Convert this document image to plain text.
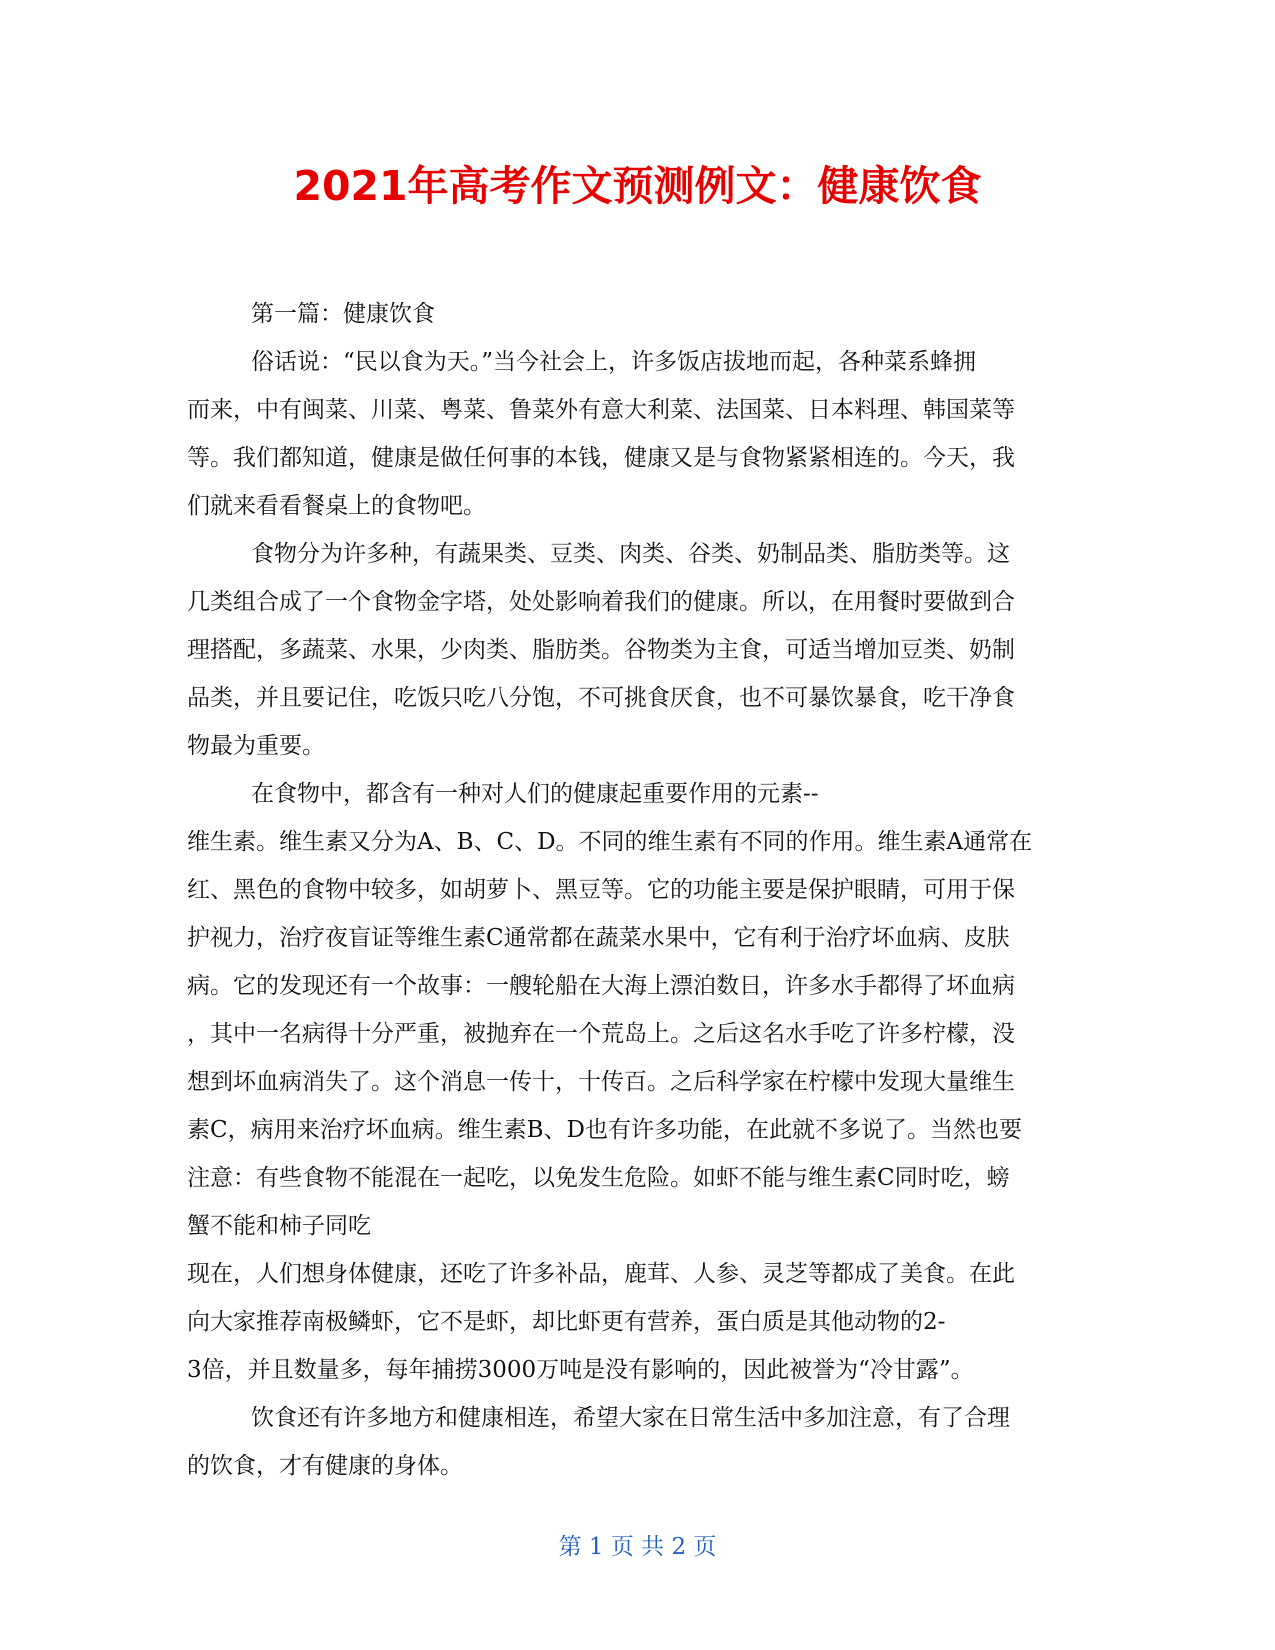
2021年高考作文预测例文：健康饮食
第一篇：健康饮食
俗话说：“民以食为天。”当今社会上，许多饭店拔地而起，各种菜系蜂拥
而来，中有闽菜、川菜、粤菜、鲁菜外有意大利菜、法国菜、日本料理、韩国菜等
等。我们都知道，健康是做任何事的本钱，健康又是与食物紧紧相连的。今天，我
们就来看看餐桌上的食物吧。
食物分为许多种，有蔬果类、豆类、肉类、谷类、奶制品类、脂肪类等。这
几类组合成了一个食物金字塔，处处影响着我们的健康。所以，在用餐时要做到合
理搭配，多蔬菜、水果，少肉类、脂肪类。谷物类为主食，可适当增加豆类、奶制
品类，并且要记住，吃饭只吃八分饱，不可挑食厌食，也不可暴饮暴食，吃干净食
物最为重要。
在食物中，都含有一种对人们的健康起重要作用的元素--
维生素。维生素又分为A、B、C、D。不同的维生素有不同的作用。维生素A通常在
红、黑色的食物中较多，如胡萝卜、黑豆等。它的功能主要是保护眼睛，可用于保
护视力，治疗夜盲证等维生素C通常都在蔬菜水果中，它有利于治疗坏血病、皮肤
病。它的发现还有一个故事：一艘轮船在大海上漂泊数日，许多水手都得了坏血病
，其中一名病得十分严重，被抛弃在一个荒岛上。之后这名水手吃了许多柠檬，没
想到坏血病消失了。这个消息一传十，十传百。之后科学家在柠檬中发现大量维生
素C，病用来治疗坏血病。维生素B、D也有许多功能，在此就不多说了。当然也要
注意：有些食物不能混在一起吃，以免发生危险。如虾不能与维生素C同时吃，螃
蟹不能和柿子同吃
现在，人们想身体健康，还吃了许多补品，鹿茸、人参、灵芝等都成了美食。在此
向大家推荐南极鳞虾，它不是虾，却比虾更有营养，蛋白质是其他动物的2-
3倍，并且数量多，每年捕捞3000万吨是没有影响的，因此被誉为“冷甘露”。
饮食还有许多地方和健康相连，希望大家在日常生活中多加注意，有了合理
的饮食，才有健康的身体。
第 1 页 共 2 页
